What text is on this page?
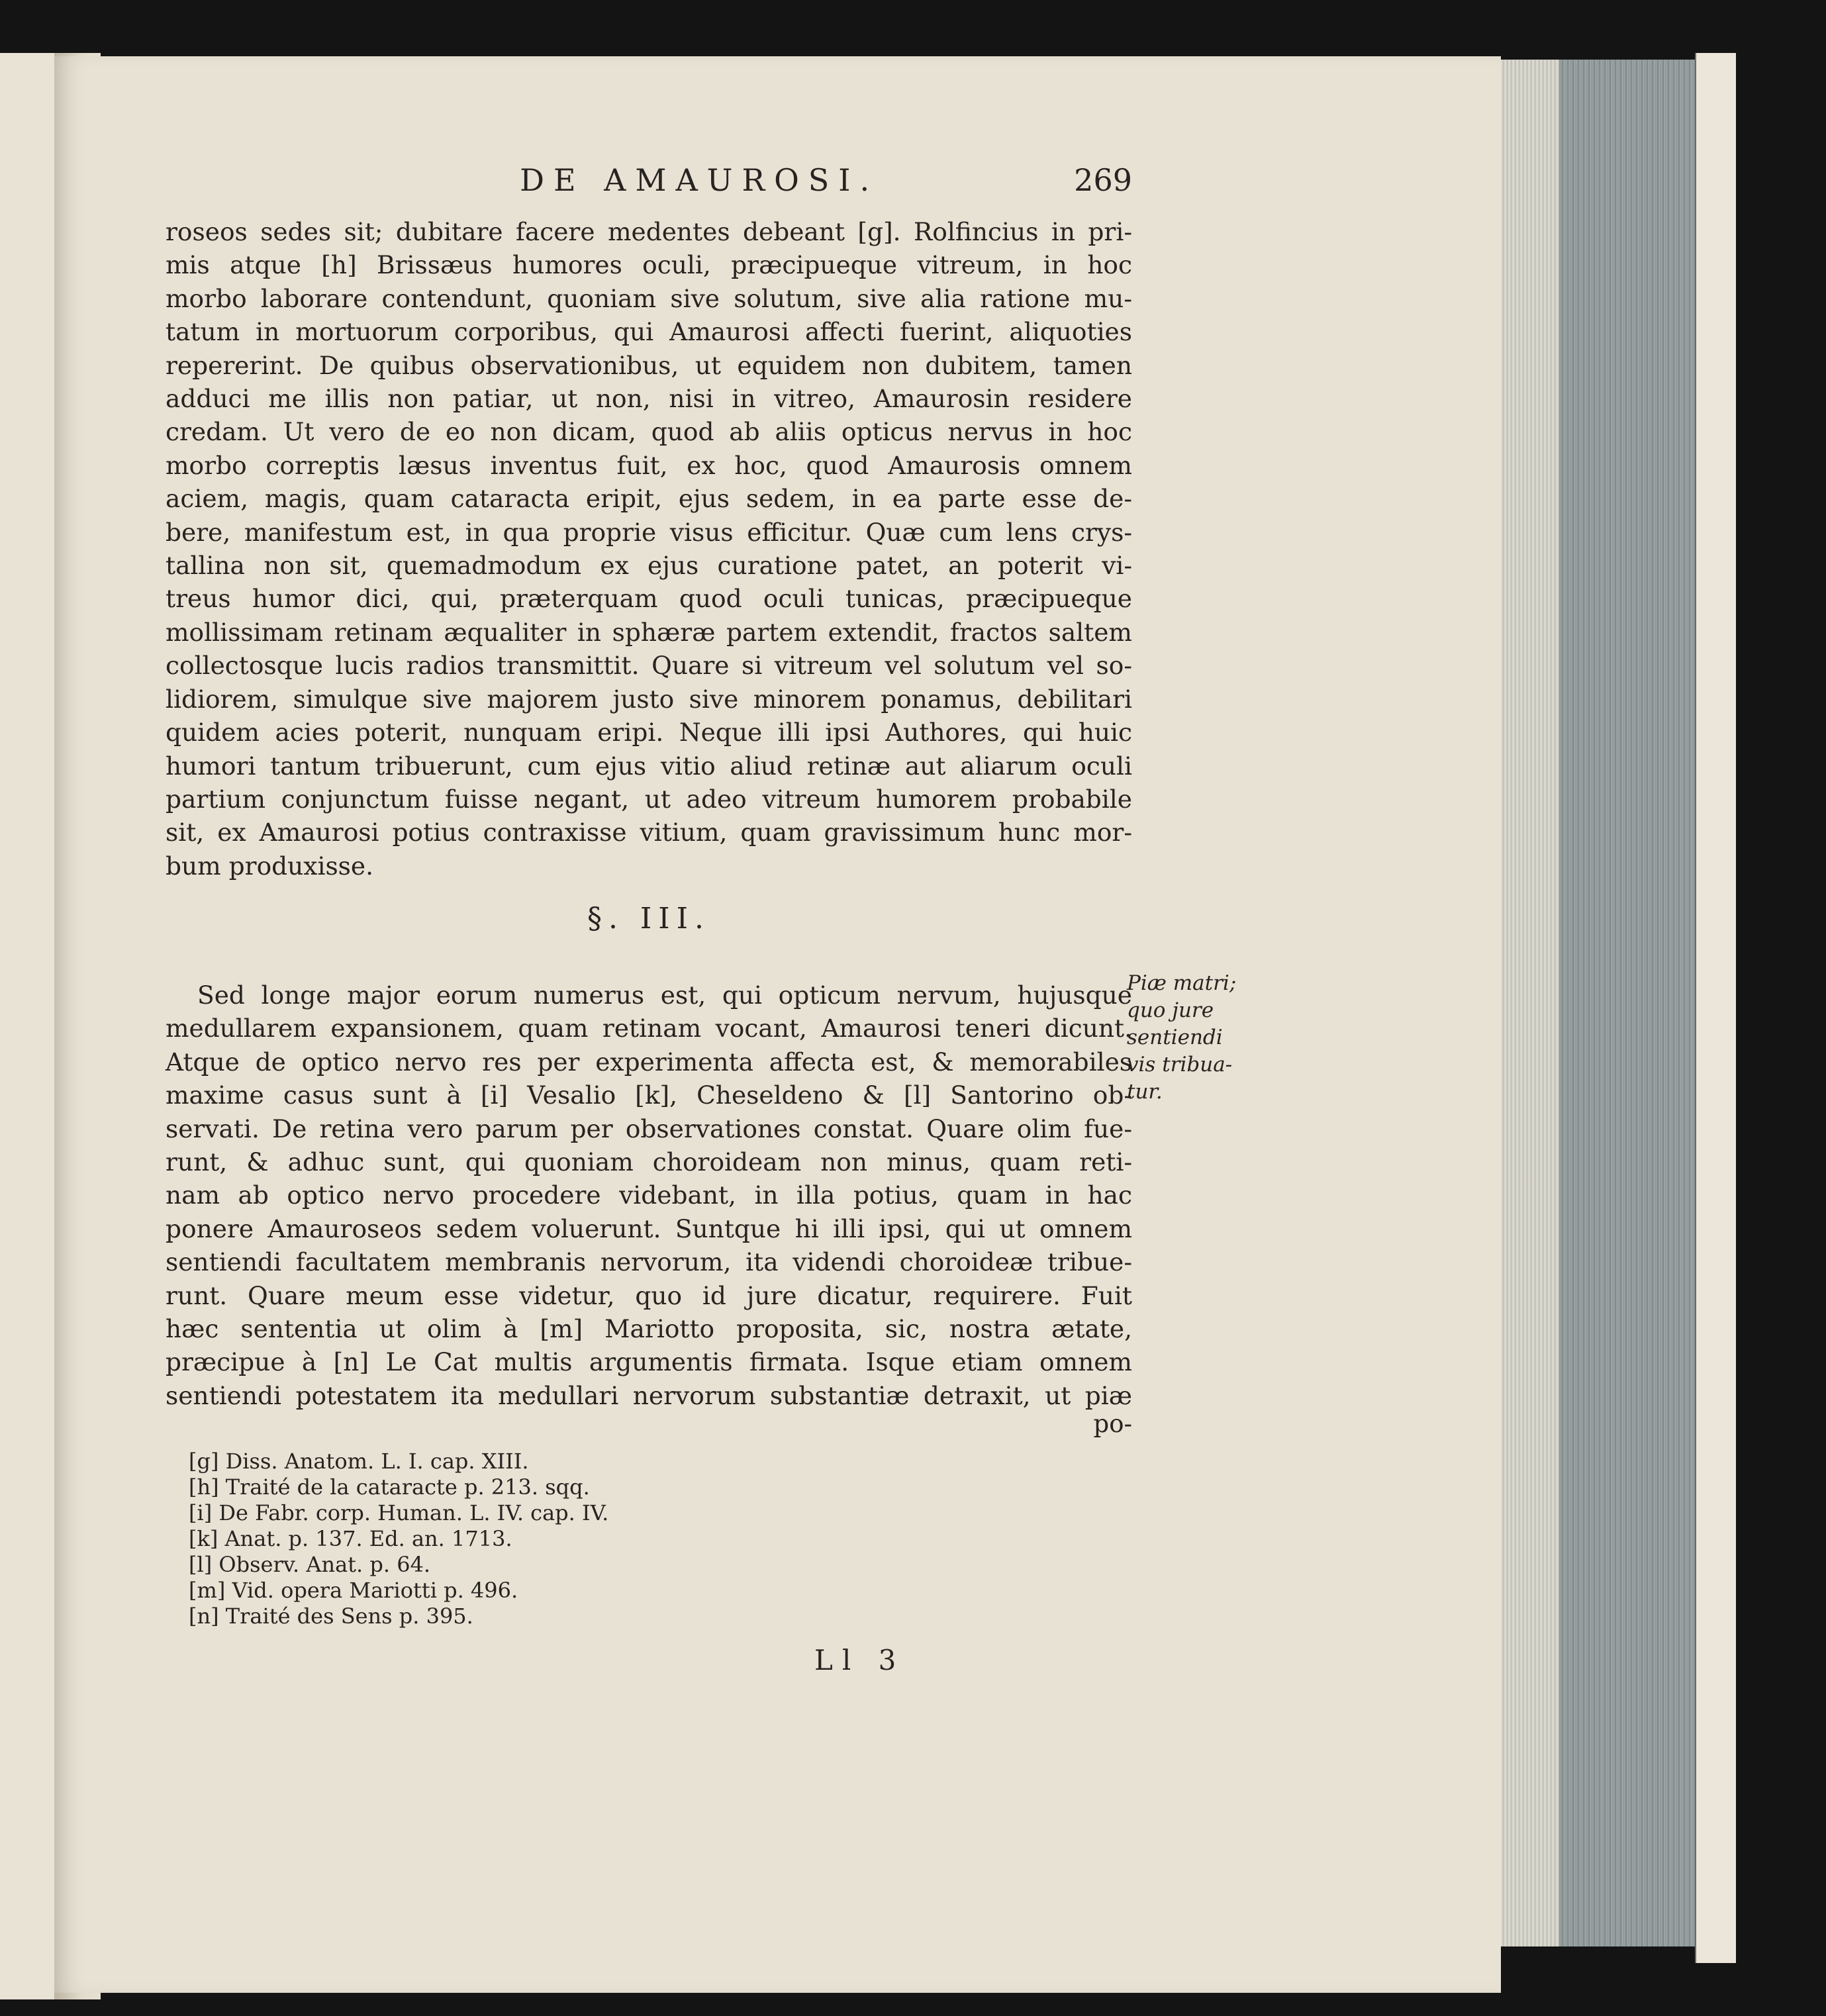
DE AMAUROSI.	269
roseos sedes sit; dubitare facere medentes debeant [g]. Rolfincius in pri-
mis atque [h] Brissæus humores oculi, præcipueque vitreum, in hoc
morbo laborare contendunt, quoniam sive solutum, sive alia ratione mu-
tatum in mortuorum corporibus, qui Amaurosi affecti fuerint, aliquoties
repererint. De quibus observationibus, ut equidem non dubitem, tamen
adduci me illis non patiar, ut non, nisi in vitreo, Amaurosin residere
credam. Ut vero de eo non dicam, quod ab aliis opticus nervus in hoc
morbo correptis læsus inventus fuit, ex hoc, quod Amaurosis omnem
aciem, magis, quam cataracta eripit, ejus sedem, in ea parte esse de-
bere, manifestum est, in qua proprie visus efficitur. Quæ cum lens crys-
tallina non sit, quemadmodum ex ejus curatione patet, an poterit vi-
treus humor dici, qui, præterquam quod oculi tunicas, præcipueque
mollissimam retinam æqualiter in sphæræ partem extendit, fractos saltem
collectosque lucis radios transmittit. Quare si vitreum vel solutum vel so-
lidiorem, simulque sive majorem justo sive minorem ponamus, debilitari
quidem acies poterit, nunquam eripi. Neque illi ipsi Authores, qui huic
humori tantum tribuerunt, cum ejus vitio aliud retinæ aut aliarum oculi
partium conjunctum fuisse negant, ut adeo vitreum humorem probabile
sit, ex Amaurosi potius contraxisse vitium, quam gravissimum hunc mor-
bum produxisse.
§. III.
Sed longe major eorum numerus est, qui opticum nervum, hujusque
medullarem expansionem, quam retinam vocant, Amaurosi teneri dicunt.
Atque de optico nervo res per experimenta affecta est, & memorabiles
maxime casus sunt à [i] Vesalio [k], Cheseldeno & [l] Santorino ob-
servati. De retina vero parum per observationes constat. Quare olim fue-
runt, & adhuc sunt, qui quoniam choroideam non minus, quam reti-
nam ab optico nervo procedere videbant, in illa potius, quam in hac
ponere Amaurosеos sedem voluerunt. Suntque hi illi ipsi, qui ut omnem
sentiendi facultatem membranis nervorum, ita videndi choroideæ tribue-
runt. Quare meum esse videtur, quo id jure dicatur, requirere. Fuit
hæc sententia ut olim à [m] Mariotto proposita, sic, nostra ætate,
præcipue à [n] Le Cat multis argumentis firmata. Isque etiam omnem
sentiendi potestatem ita medullari nervorum substantiæ detraxit, ut piæ
po-
Piæ matri;
quo jure
sentiendi
vis tribua-
tur.
[g] Diss. Anatom. L. I. cap. XIII.
[h] Traité de la cataracte p. 213. sqq.
[i] De Fabr. corp. Human. L. IV. cap. IV.
[k] Anat. p. 137. Ed. an. 1713.
[l] Observ. Anat. p. 64.
[m] Vid. opera Mariotti p. 496.
[n] Traité des Sens p. 395.
Ll 3
